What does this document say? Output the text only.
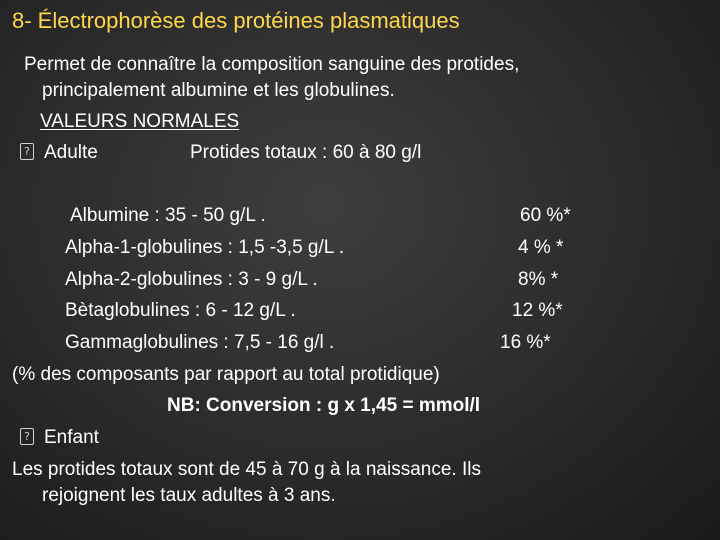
8- Électrophorèse des protéines plasmatiques
Permet de connaître la composition sanguine des protides,
principalement albumine et les globulines.
VALEURS NORMALES
? Adulte	Protides totaux : 60 à 80 g/l
Albumine : 35 - 50 g/L .	60 %*
Alpha-1-globulines : 1,5 -3,5 g/L .	4 % *
Alpha-2-globulines : 3 - 9 g/L .	8% *
Bètaglobulines : 6 - 12 g/L .	12 %*
Gammaglobulines : 7,5 - 16 g/l .	16 %*
(% des composants par rapport au total protidique)
NB: Conversion : g x 1,45 = mmol/l
? Enfant
Les protides totaux sont de 45 à 70 g à la naissance. Ils
rejoignent les taux adultes à 3 ans.
